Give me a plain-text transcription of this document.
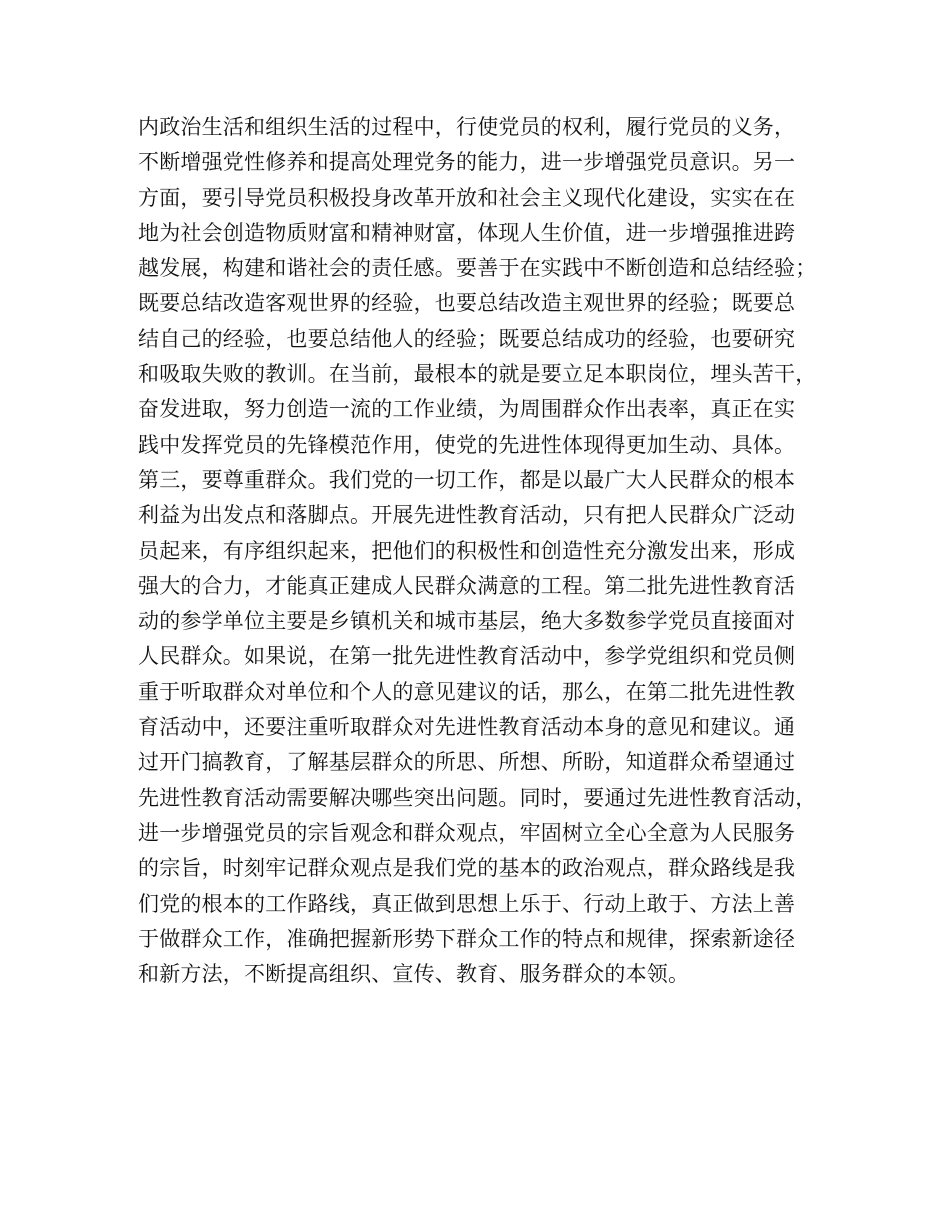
内政治生活和组织生活的过程中，行使党员的权利，履行党员的义务，
不断增强党性修养和提高处理党务的能力，进一步增强党员意识。另一
方面，要引导党员积极投身改革开放和社会主义现代化建设，实实在在
地为社会创造物质财富和精神财富，体现人生价值，进一步增强推进跨
越发展，构建和谐社会的责任感。要善于在实践中不断创造和总结经验；
既要总结改造客观世界的经验，也要总结改造主观世界的经验；既要总
结自己的经验，也要总结他人的经验；既要总结成功的经验，也要研究
和吸取失败的教训。在当前，最根本的就是要立足本职岗位，埋头苦干，
奋发进取，努力创造一流的工作业绩，为周围群众作出表率，真正在实
践中发挥党员的先锋模范作用，使党的先进性体现得更加生动、具体。
第三，要尊重群众。我们党的一切工作，都是以最广大人民群众的根本
利益为出发点和落脚点。开展先进性教育活动，只有把人民群众广泛动
员起来，有序组织起来，把他们的积极性和创造性充分激发出来，形成
强大的合力，才能真正建成人民群众满意的工程。第二批先进性教育活
动的参学单位主要是乡镇机关和城市基层，绝大多数参学党员直接面对
人民群众。如果说，在第一批先进性教育活动中，参学党组织和党员侧
重于听取群众对单位和个人的意见建议的话，那么，在第二批先进性教
育活动中，还要注重听取群众对先进性教育活动本身的意见和建议。通
过开门搞教育，了解基层群众的所思、所想、所盼，知道群众希望通过
先进性教育活动需要解决哪些突出问题。同时，要通过先进性教育活动，
进一步增强党员的宗旨观念和群众观点，牢固树立全心全意为人民服务
的宗旨，时刻牢记群众观点是我们党的基本的政治观点，群众路线是我
们党的根本的工作路线，真正做到思想上乐于、行动上敢于、方法上善
于做群众工作，准确把握新形势下群众工作的特点和规律，探索新途径
和新方法，不断提高组织、宣传、教育、服务群众的本领。
